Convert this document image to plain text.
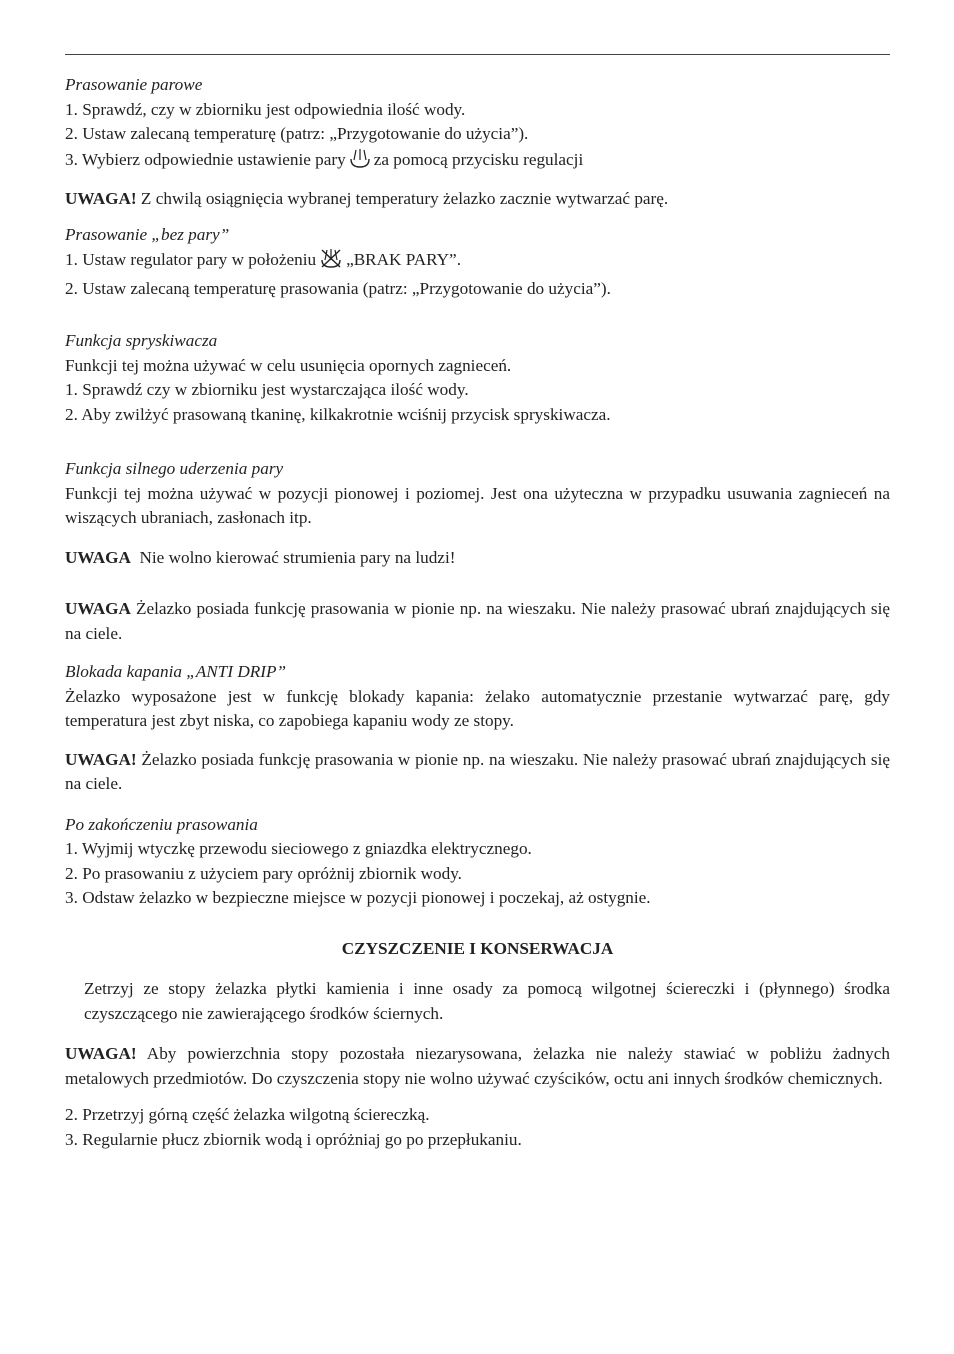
Prasowanie parowe

1. Sprawdź, czy w zbiorniku jest odpowiednia ilość wody.

2. Ustaw zalecaną temperaturę (patrz: „Przygotowanie do użycia”).

3. Wybierz odpowiednie ustawienie pary za pomocą przycisku regulacji

UWAGA! Z chwilą osiągnięcia wybranej temperatury żelazko zacznie wytwarzać parę.

Prasowanie „bez pary”

1. Ustaw regulator pary w położeniu „BRAK PARY”.

2. Ustaw zalecaną temperaturę prasowania (patrz: „Przygotowanie do użycia”).

Funkcja spryskiwacza

Funkcji tej można używać w celu usunięcia opornych zagnieceń.

1. Sprawdź czy w zbiorniku jest wystarczająca ilość wody.

2. Aby zwilżyć prasowaną tkaninę, kilkakrotnie wciśnij przycisk spryskiwacza.

Funkcja silnego uderzenia pary

Funkcji tej można używać w pozycji pionowej i poziomej. Jest ona użyteczna w przypadku usuwania zagnieceń na wiszących ubraniach, zasłonach itp.

UWAGA  Nie wolno kierować strumienia pary na ludzi!

UWAGA Żelazko posiada funkcję prasowania w pionie np. na wieszaku. Nie należy prasować ubrań znajdujących się na ciele.

Blokada kapania „ANTI DRIP”

Żelazko wyposażone jest w funkcję blokady kapania: żelako automatycznie przestanie wytwarzać parę, gdy temperatura jest zbyt niska, co zapobiega kapaniu wody ze stopy.

UWAGA! Żelazko posiada funkcję prasowania w pionie np. na wieszaku. Nie należy prasować ubrań znajdujących się na ciele.

Po zakończeniu prasowania

1. Wyjmij wtyczkę przewodu sieciowego z gniazdka elektrycznego.

2. Po prasowaniu z użyciem pary opróżnij zbiornik wody.

3. Odstaw żelazko w bezpieczne miejsce w pozycji pionowej i poczekaj, aż ostygnie.

CZYSZCZENIE I KONSERWACJA

Zetrzyj ze stopy żelazka płytki kamienia i inne osady za pomocą wilgotnej ściereczki i (płynnego) środka czyszczącego nie zawierającego środków ściernych.

UWAGA! Aby powierzchnia stopy pozostała niezarysowana, żelazka nie należy stawiać w pobliżu żadnych metalowych przedmiotów. Do czyszczenia stopy nie wolno używać czyścików, octu ani innych środków chemicznych.

2. Przetrzyj górną część żelazka wilgotną ściereczką.

3. Regularnie płucz zbiornik wodą i opróżniaj go po przepłukaniu.
